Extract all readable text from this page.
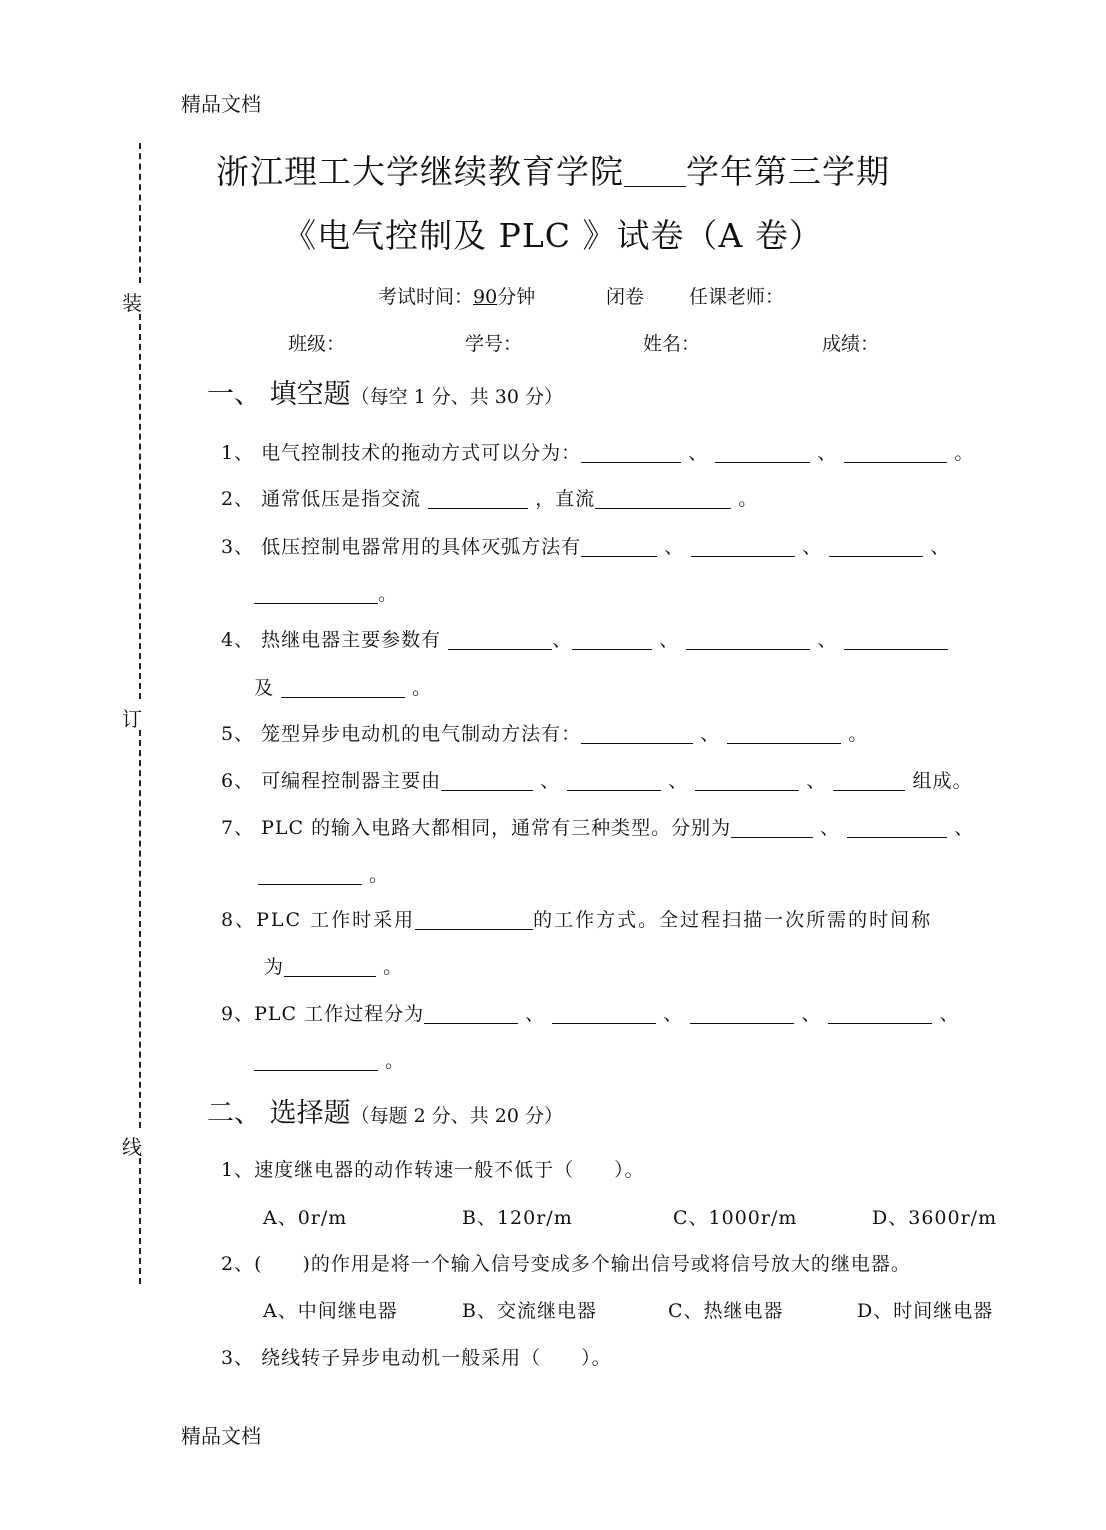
精品文档
装
订
线
浙江理工大学继续教育学院 学年第三学期
《电气控制及 PLC 》试卷（A 卷）
考试时间：90分钟	闭卷 任课老师：
班级：	学号：	姓名：	成绩：
一、 填空题（每空 1 分、共 30 分）
1、 电气控制技术的拖动方式可以分为：	、	、	。
2、 通常低压是指交流	，直流	。
3、 低压控制电器常用的具体灭弧方法有	、	、	、
。
4、 热继电器主要参数有	、	、	、
及	。
5、 笼型异步电动机的电气制动方法有：	、	。
6、 可编程控制器主要由	、	、	、	组成。
7、 PLC 的输入电路大都相同，通常有三种类型。分别为	、	、
。
8、PLC 工作时采用	的工作方式。全过程扫描一次所需的时间称
为	。
9、PLC 工作过程分为	、	、	、	、
。
二、 选择题（每题 2 分、共 20 分）
1、速度继电器的动作转速一般不低于（　　）。
A、0r/m	B、120r/m	C、1000r/m	D、3600r/m
2、(　　)的作用是将一个输入信号变成多个输出信号或将信号放大的继电器。
A、中间继电器	B、交流继电器	C、热继电器	D、时间继电器
3、 绕线转子异步电动机一般采用（　　）。
精品文档
